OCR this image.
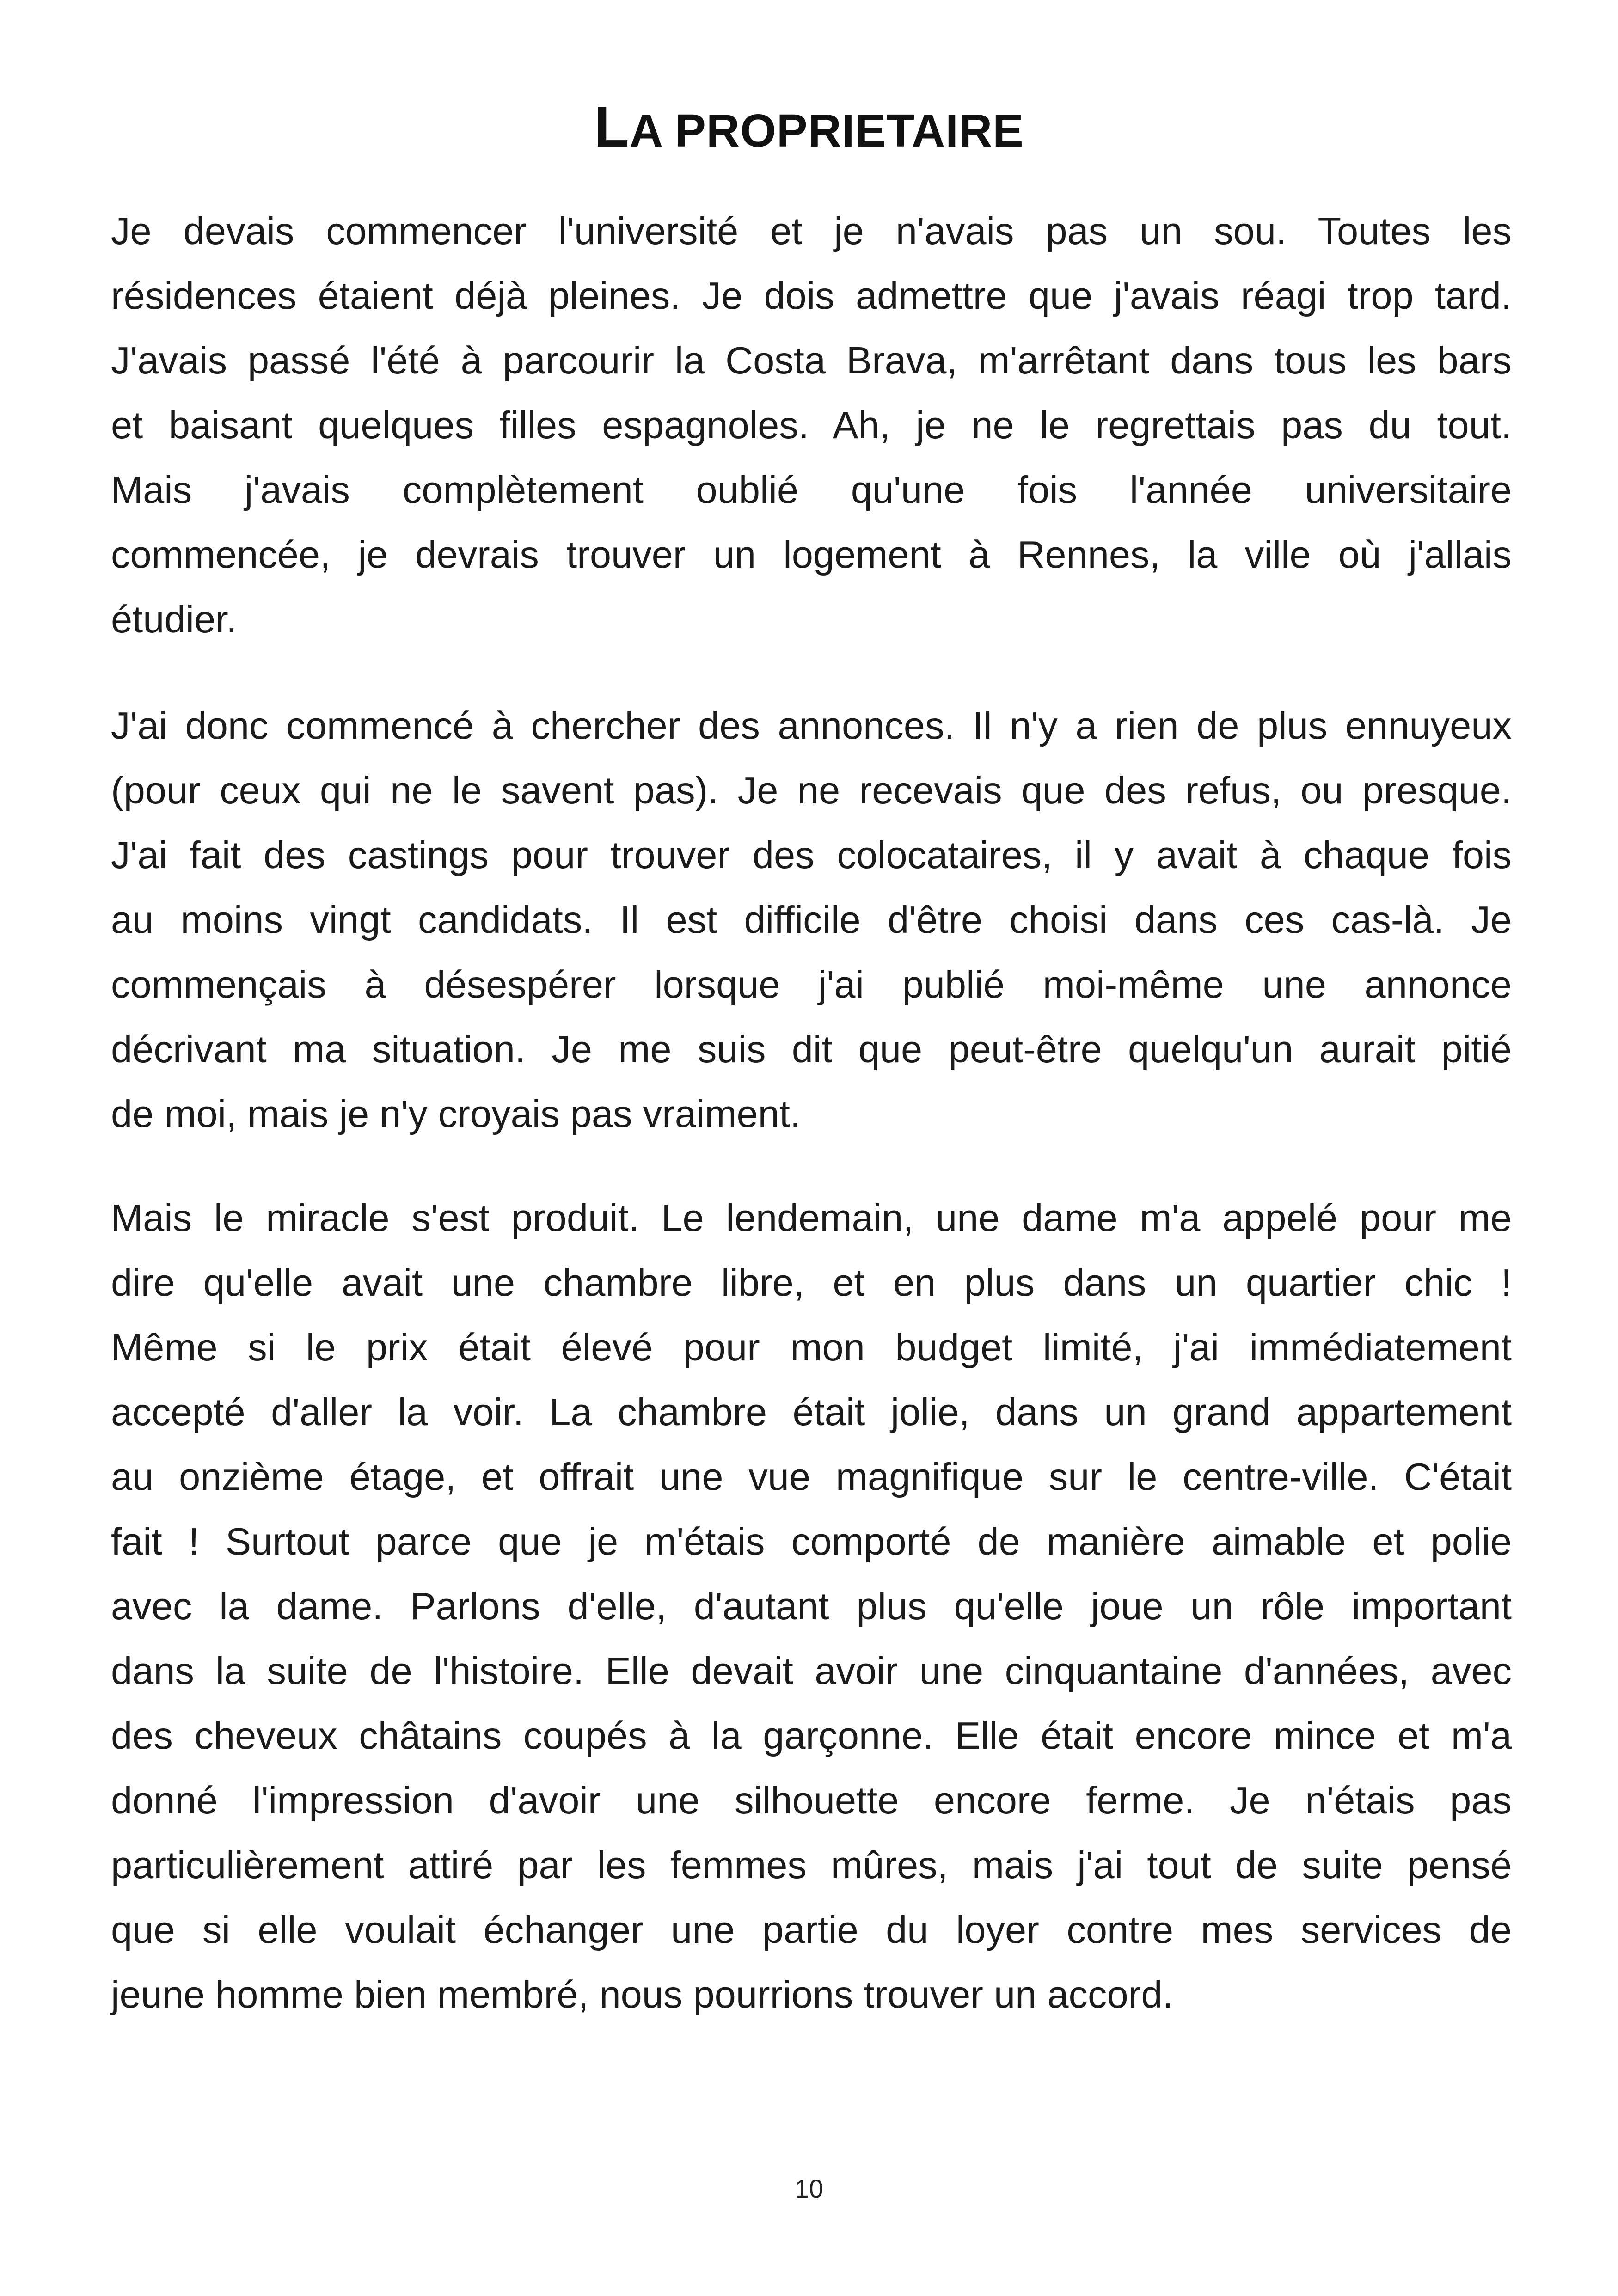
LA PROPRIETAIRE
Je devais commencer l'université et je n'avais pas un sou. Toutes les
résidences étaient déjà pleines. Je dois admettre que j'avais réagi trop tard.
J'avais passé l'été à parcourir la Costa Brava, m'arrêtant dans tous les bars
et baisant quelques filles espagnoles. Ah, je ne le regrettais pas du tout.
Mais j'avais complètement oublié qu'une fois l'année universitaire
commencée, je devrais trouver un logement à Rennes, la ville où j'allais
étudier.
J'ai donc commencé à chercher des annonces. Il n'y a rien de plus ennuyeux
(pour ceux qui ne le savent pas). Je ne recevais que des refus, ou presque.
J'ai fait des castings pour trouver des colocataires, il y avait à chaque fois
au moins vingt candidats. Il est difficile d'être choisi dans ces cas-là. Je
commençais à désespérer lorsque j'ai publié moi-même une annonce
décrivant ma situation. Je me suis dit que peut-être quelqu'un aurait pitié
de moi, mais je n'y croyais pas vraiment.
Mais le miracle s'est produit. Le lendemain, une dame m'a appelé pour me
dire qu'elle avait une chambre libre, et en plus dans un quartier chic !
Même si le prix était élevé pour mon budget limité, j'ai immédiatement
accepté d'aller la voir. La chambre était jolie, dans un grand appartement
au onzième étage, et offrait une vue magnifique sur le centre-ville. C'était
fait ! Surtout parce que je m'étais comporté de manière aimable et polie
avec la dame. Parlons d'elle, d'autant plus qu'elle joue un rôle important
dans la suite de l'histoire. Elle devait avoir une cinquantaine d'années, avec
des cheveux châtains coupés à la garçonne. Elle était encore mince et m'a
donné l'impression d'avoir une silhouette encore ferme. Je n'étais pas
particulièrement attiré par les femmes mûres, mais j'ai tout de suite pensé
que si elle voulait échanger une partie du loyer contre mes services de
jeune homme bien membré, nous pourrions trouver un accord.
10
